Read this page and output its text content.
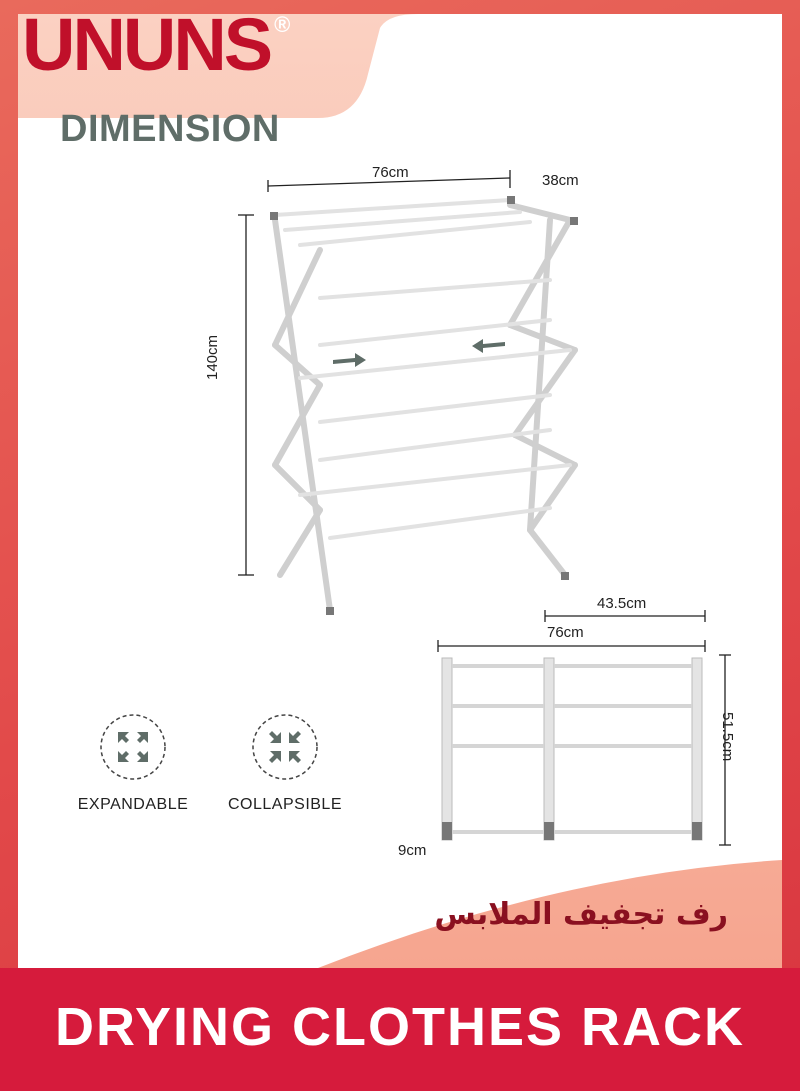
UNUNS ®
DIMENSION
76cm	38cm
140cm
EXPANDABLE	COLLAPSIBLE
43.5cm
76cm
51.5cm
9cm
رف تجفيف الملابس
DRYING CLOTHES RACK
